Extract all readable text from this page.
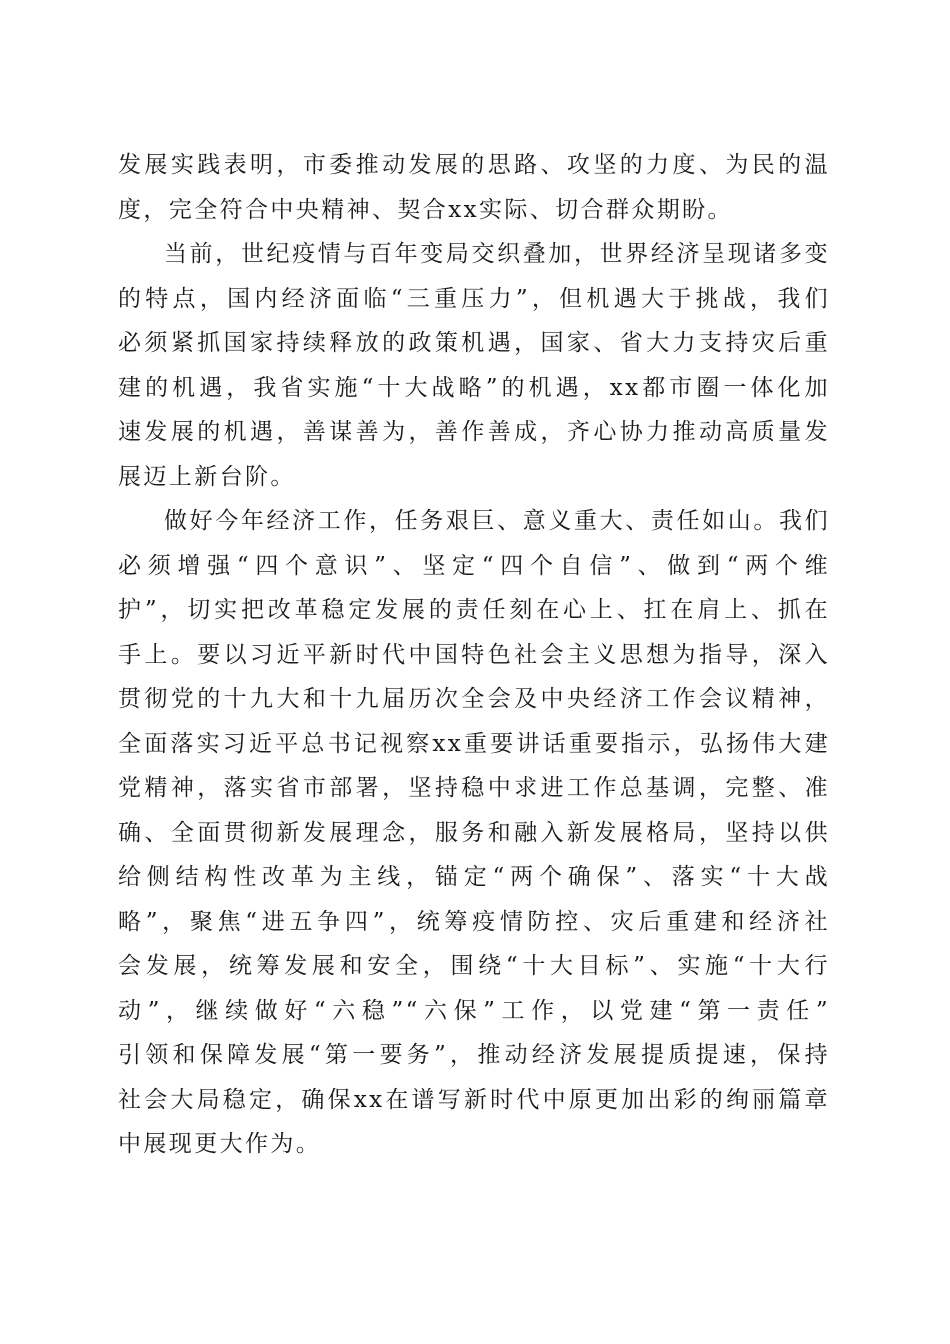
发展实践表明，市委推动发展的思路、攻坚的力度、为民的温
度，完全符合中央精神、契合xx实际、切合群众期盼。
当前，世纪疫情与百年变局交织叠加，世界经济呈现诸多变
的特点，国内经济面临“三重压力”，但机遇大于挑战，我们
必须紧抓国家持续释放的政策机遇，国家、省大力支持灾后重
建的机遇，我省实施“十大战略”的机遇，xx都市圈一体化加
速发展的机遇，善谋善为，善作善成，齐心协力推动高质量发
展迈上新台阶。
做好今年经济工作，任务艰巨、意义重大、责任如山。我们
必须增强“四个意识”、坚定“四个自信”、做到“两个维
护”，切实把改革稳定发展的责任刻在心上、扛在肩上、抓在
手上。要以习近平新时代中国特色社会主义思想为指导，深入
贯彻党的十九大和十九届历次全会及中央经济工作会议精神，
全面落实习近平总书记视察xx重要讲话重要指示，弘扬伟大建
党精神，落实省市部署，坚持稳中求进工作总基调，完整、准
确、全面贯彻新发展理念，服务和融入新发展格局，坚持以供
给侧结构性改革为主线，锚定“两个确保”、落实“十大战
略”，聚焦“进五争四”，统筹疫情防控、灾后重建和经济社
会发展，统筹发展和安全，围绕“十大目标”、实施“十大行
动”，继续做好“六稳”“六保”工作，以党建“第一责任”
引领和保障发展“第一要务”，推动经济发展提质提速，保持
社会大局稳定，确保xx在谱写新时代中原更加出彩的绚丽篇章
中展现更大作为。
